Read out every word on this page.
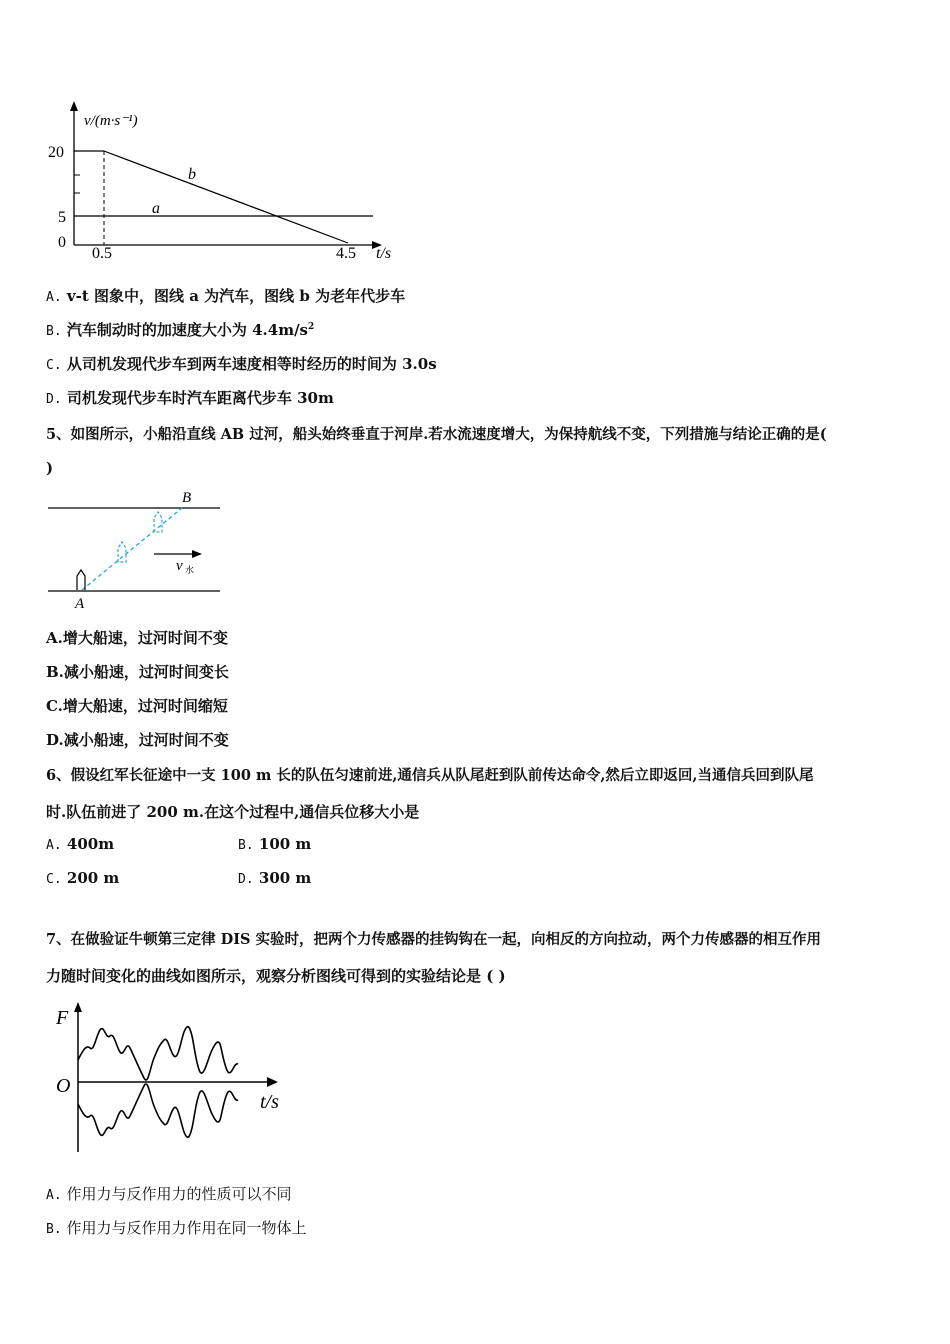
v/(m·s⁻¹)
20
5
0
0.5	4.5 t/s
b
a
A. v-t 图象中，图线 a 为汽车，图线 b 为老年代步车
B. 汽车制动时的加速度大小为 $4.4m/s^2$
C. 从司机发现代步车到两车速度相等时经历的时间为 3.0s
D. 司机发现代步车时汽车距离代步车 30m
5、如图所示，小船沿直线 AB 过河，船头始终垂直于河岸.若水流速度增大，为保持航线不变，下列措施与结论正确的是(
)
v 水
A
B
A.增大船速，过河时间不变
B.减小船速，过河时间变长
C.增大船速，过河时间缩短
D.减小船速，过河时间不变
6、假设红军长征途中一支 100 m 长的队伍匀速前进,通信兵从队尾赶到队前传达命令,然后立即返回,当通信兵回到队尾
时.队伍前进了 200 m.在这个过程中,通信兵位移大小是
A. 400m	B. 100 m
C. 200 m	D. 300 m
7、在做验证牛顿第三定律 DIS 实验时，把两个力传感器的挂钩钩在一起，向相反的方向拉动，两个力传感器的相互作用
力随时间变化的曲线如图所示，观察分析图线可得到的实验结论是 ( )
F
O
t/s
A. 作用力与反作用力的性质可以不同
B. 作用力与反作用力作用在同一物体上
